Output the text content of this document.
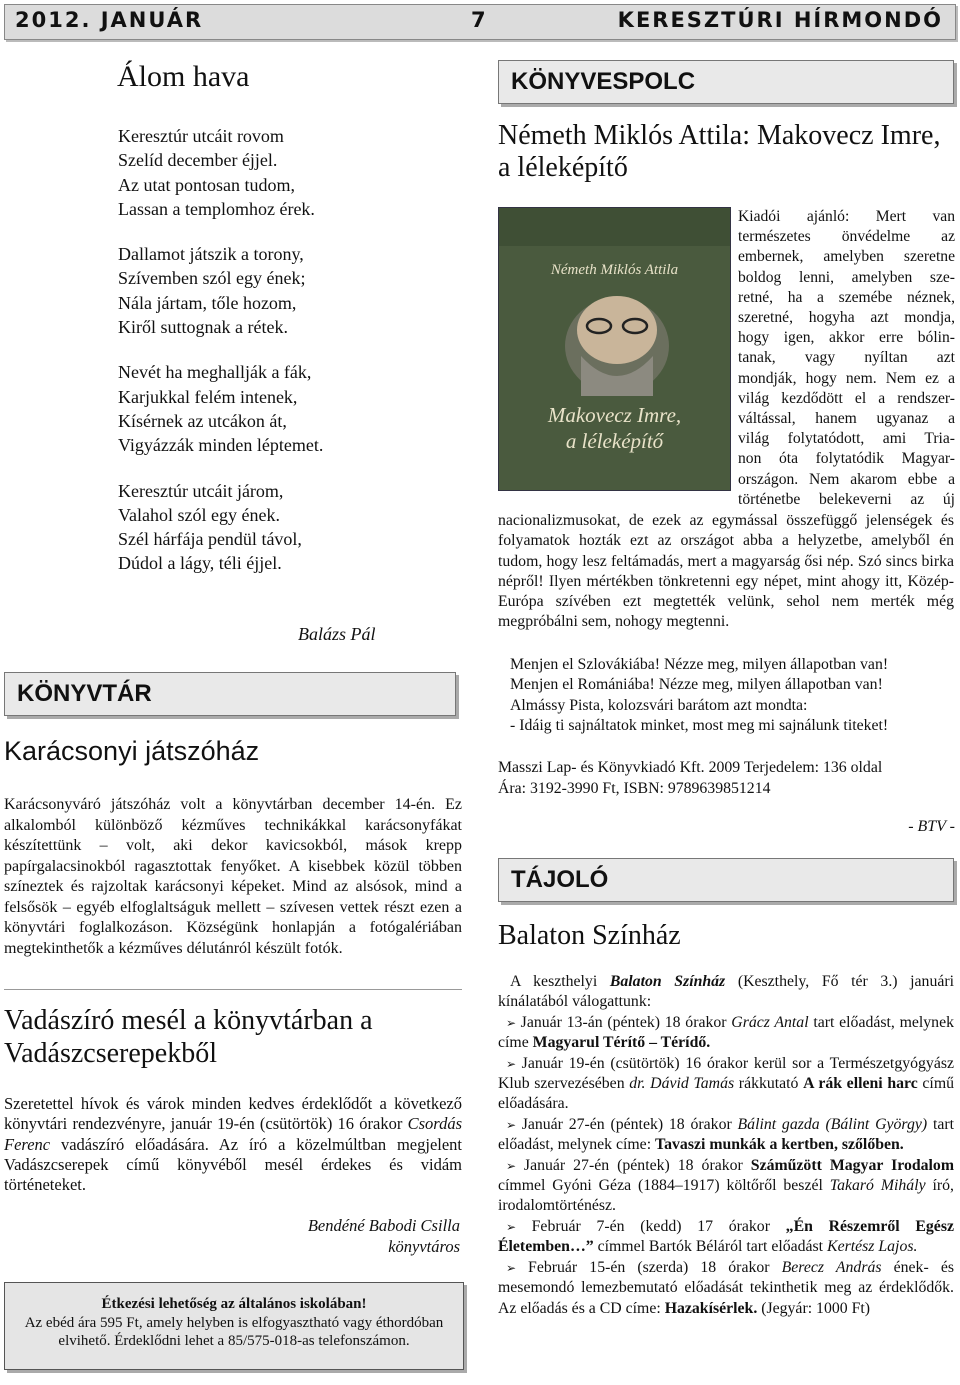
2012. JANUÁR	7	KERESZTÚRI HÍRMONDÓ
Álom hava

Keresztúr utcáit rovom
Szelíd december éjjel.
Az utat pontosan tudom,
Lassan a templomhoz érek.

Dallamot játszik a torony,
Szívemben szól egy ének;
Nála jártam, tőle hozom,
Kiről suttognak a rétek.

Nevét ha meghallják a fák,
Karjukkal felém intenek,
Kísérnek az utcákon át,
Vigyázzák minden léptemet.

Keresztúr utcáit járom,
Valahol szól egy ének.
Szél hárfája pendül távol,
Dúdol a lágy, téli éjjel.

Balázs Pál
KÖNYVTÁR
Karácsonyi játszóház
Karácsonyváró játszóház volt a könyvtárban december 14-én. Ez alkalomból különböző kézműves technikákkal karácsonyfákat készítettünk – volt, aki dekor kavicsokból, mások krepp papírgalacsinokból ragasztottak fenyőket. A kisebbek közül többen színeztek és rajzoltak karácsonyi képeket. Mind az alsósok, mind a felsősök – egyéb elfoglaltságuk mellett – szívesen vettek részt ezen a könyvtári foglalkozáson. Községünk honlapján a fotógalériában megtekinthetők a kézműves délutánról készült fotók.
Vadászíró mesél a könyvtárban a Vadászcserepekből
Szeretettel hívok és várok minden kedves érdeklődőt a következő könyvtári rendezvényre, január 19-én (csütörtök) 16 órakor Csordás Ferenc vadászíró előadására. Az író a közelmúltban megjelent Vadászcserepek című könyvéből mesél érdekes és vidám történeteket.
Bendéné Babodi Csilla
könyvtáros
Étkezési lehetőség az általános iskolában!
Az ebéd ára 595 Ft, amely helyben is elfogyasztható vagy éthordóban elvihető. Érdeklődni lehet a 85/575-018-as telefonszámon.
KÖNYVESPOLC
Németh Miklós Attila: Makovecz Imre, a léleképítő
Németh Miklós Attila
Makovecz Imre,
a léleképítő
Kiadói ajánló: Mert van
természetes önvédelme az
embernek, amelyben szeretne
boldog lenni, amelyben sze-
retné, ha a szemébe néznek,
szeretné, hogyha azt mondja,
hogy igen, akkor erre bólin-
tanak, vagy nyíltan azt
mondják, hogy nem. Nem ez a
világ kezdődött el a rendszer-
váltással, hanem ugyanaz a
világ folytatódott, ami Tria-
non óta folytatódik Magyar-
országon. Nem akarom ebbe a
történetbe belekeverni az új
nacionalizmusokat, de ezek az egymással összefüggő jelenségek és folyamatok hozták ezt az országot abba a helyzetbe, amelyből én tudom, hogy lesz feltámadás, mert a magyarság ősi nép. Szó sincs birka népről! Ilyen mértékben tönkretenni egy népet, mint ahogy itt, Közép-Európa szívében ezt megtették velünk, sehol nem merték még megpróbálni sem, nohogy megtenni.
Menjen el Szlovákiába! Nézze meg, milyen állapotban van!
Menjen el Romániába! Nézze meg, milyen állapotban van!
Almássy Pista, kolozsvári barátom azt mondta:
- Idáig ti sajnáltatok minket, most meg mi sajnálunk titeket!
Masszi Lap- és Könyvkiadó Kft. 2009 Terjedelem: 136 oldal
Ára: 3192-3990 Ft, ISBN: 9789639851214
- BTV -
TÁJOLÓ
Balaton Színház

A keszthelyi Balaton Színház (Keszthely, Fő tér 3.) januári kínálatából válogattunk:

➢ Január 13-án (péntek) 18 órakor Grácz Antal tart előadást, melynek címe Magyarul Térítő – Térídő.

➢ Január 19-én (csütörtök) 16 órakor kerül sor a Természetgyógyász Klub szervezésében dr. Dávid Tamás rákkutató A rák elleni harc című előadására.

➢ Január 27-én (péntek) 18 órakor Bálint gazda (Bálint György) tart előadást, melynek címe: Tavaszi munkák a kertben, szőlőben.

➢ Január 27-én (péntek) 18 órakor Száműzött Magyar Irodalom címmel Gyóni Géza (1884–1917) költőről beszél Takaró Mihály író, irodalomtörténész.

➢ Február 7-én (kedd) 17 órakor „Én Részemről Egész Életemben…” címmel Bartók Béláról tart előadást Kertész Lajos.

➢ Február 15-én (szerda) 18 órakor Berecz András ének- és mesemondó lemezbemutató előadását tekinthetik meg az érdeklődők. Az előadás és a CD címe: Hazakísérlek. (Jegyár: 1000 Ft)
